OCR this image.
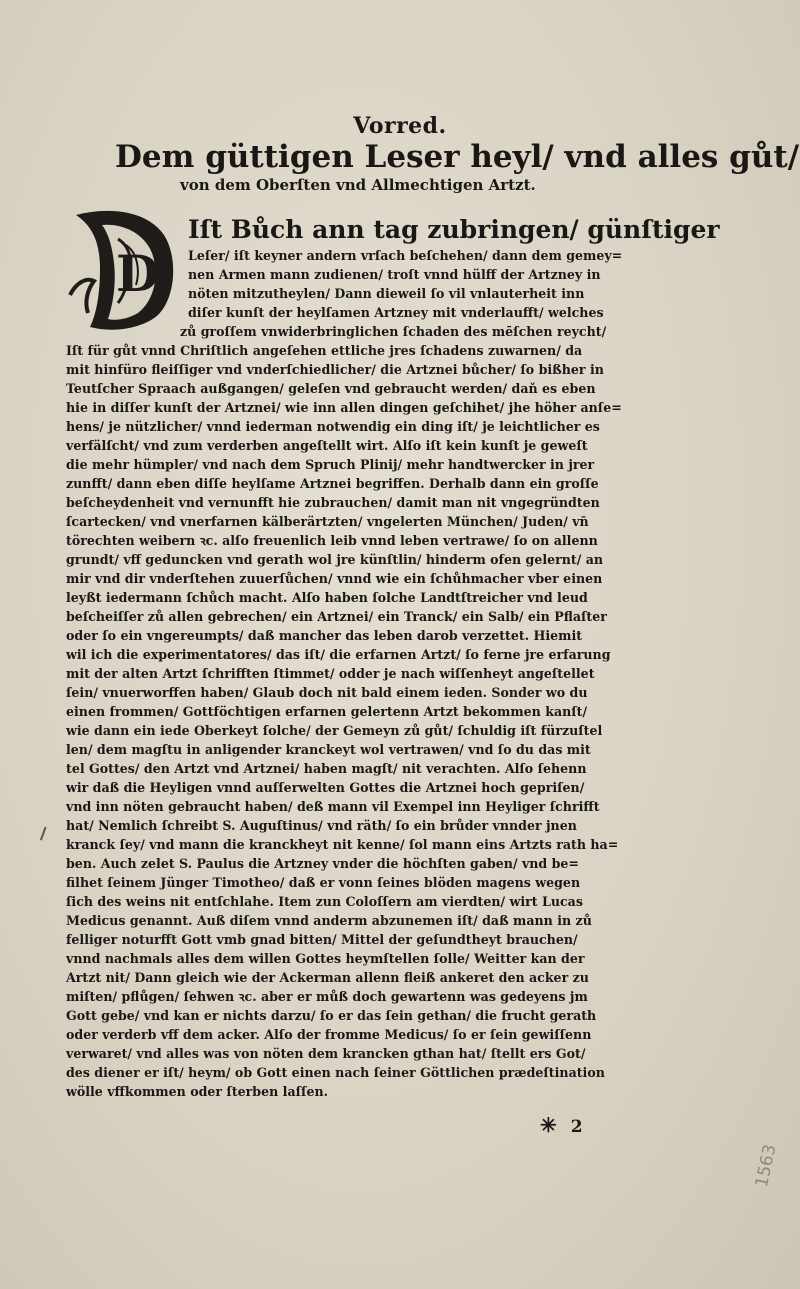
Vorred.
Dem güttigen Leser heyl/ vnd alles gůt/
von dem Oberſten vnd Allmechtigen Artzt.
D
Iſt Bůch ann tag zubringen/ günſtiger
Leſer/ iſt keyner andern vrſach beſchehen/ dann dem gemey=
nen Armen mann zudienen/ troſt vnnd hülff der Artzney in
nöten mitzutheylen/ Dann dieweil ſo vil vnlauterheit inn
diſer kunſt der heylſamen Artzney mit vnderlaufft/ welches
zů groſſem vnwiderbringlichen ſchaden des mēſchen reycht/
Iſt für gůt vnnd Chriſtlich angeſehen ettliche jres ſchadens zuwarnen/ da
mit hinfüro fleiſſiger vnd vnderſchiedlicher/ die Artznei bůcher/ ſo bißher in
Teutſcher Spraach außgangen/ geleſen vnd gebraucht werden/ daň es eben
hie in diſſer kunſt der Artznei/ wie inn allen dingen geſchihet/ jhe höher anſe=
hens/ je nützlicher/ vnnd iederman notwendig ein ding iſt/ je leichtlicher es
verfälſcht/ vnd zum verderben angeſtellt wirt. Alſo iſt kein kunſt je geweſt
die mehr hümpler/ vnd nach dem Spruch Plinij/ mehr handtwercker in jrer
zunfft/ dann eben diſſe heylſame Artznei begriffen. Derhalb dann ein groſſe
beſcheydenheit vnd vernunfft hie zubrauchen/ damit man nit vngegründten
ſcartecken/ vnd vnerfarnen kälberärtzten/ vngelerten München/ Juden/ vn̄
törechten weibern ꝛc. alſo freuenlich leib vnnd leben vertrawe/ ſo on allenn
grundt/ vff geduncken vnd gerath wol jre künſtlin/ hinderm ofen gelernt/ an
mir vnd dir vnderſtehen zuuerſůchen/ vnnd wie ein ſchůhmacher vber einen
leyßt iedermann ſchůch macht. Alſo haben ſolche Landtſtreicher vnd leud
beſcheiſſer zů allen gebrechen/ ein Artznei/ ein Tranck/ ein Salb/ ein Pflaſter
oder ſo ein vngereumpts/ daß mancher das leben darob verzettet. Hiemit
wil ich die experimentatores/ das iſt/ die erfarnen Artzt/ ſo ferne jre erfarung
mit der alten Artzt ſchrifften ſtimmet/ odder je nach wiſſenheyt angeſtellet
ſein/ vnuerworffen haben/ Glaub doch nit bald einem ieden. Sonder wo du
einen frommen/ Gottföchtigen erfarnen gelertenn Artzt bekommen kanſt/
wie dann ein iede Oberkeyt ſolche/ der Gemeyn zů gůt/ ſchuldig iſt fürzuſtel
len/ dem magſtu in anligender kranckeyt wol vertrawen/ vnd ſo du das mit
tel Gottes/ den Artzt vnd Artznei/ haben magſt/ nit verachten. Alſo ſehenn
wir daß die Heyligen vnnd auſſerwelten Gottes die Artznei hoch gepriſen/
vnd inn nöten gebraucht haben/ deß mann vil Exempel inn Heyliger ſchrifft
hat/ Nemlich ſchreibt S. Auguſtinus/ vnd räth/ ſo ein brůder vnnder jnen
kranck ſey/ vnd mann die kranckheyt nit kenne/ ſol mann eins Artzts rath ha=
ben. Auch zelet S. Paulus die Artzney vnder die höchſten gaben/ vnd be=
filhet ſeinem Jünger Timotheo/ daß er vonn ſeines blöden magens wegen
ſich des weins nit entſchlahe. Item zun Coloſſern am vierdten/ wirt Lucas
Medicus genannt. Auß diſem vnnd anderm abzunemen iſt/ daß mann in zů
felliger noturfft Gott vmb gnad bitten/ Mittel der geſundtheyt brauchen/
vnnd nachmals alles dem willen Gottes heymſtellen ſolle/ Weitter kan der
Artzt nit/ Dann gleich wie der Ackerman allenn fleiß ankeret den acker zu
miſten/ pflůgen/ ſehwen ꝛc. aber er můß doch gewartenn was gedeyens jm
Gott gebe/ vnd kan er nichts darzu/ ſo er das ſein gethan/ die frucht gerath
oder verderb vff dem acker. Alſo der fromme Medicus/ ſo er ſein gewiſſenn
verwaret/ vnd alles was von nöten dem krancken gthan hat/ ſtellt ers Got/
des diener er iſt/ heym/ ob Gott einen nach ſeiner Göttlichen prædeſtination
wölle vffkommen oder ſterben laſſen.
✳ 2
1563
